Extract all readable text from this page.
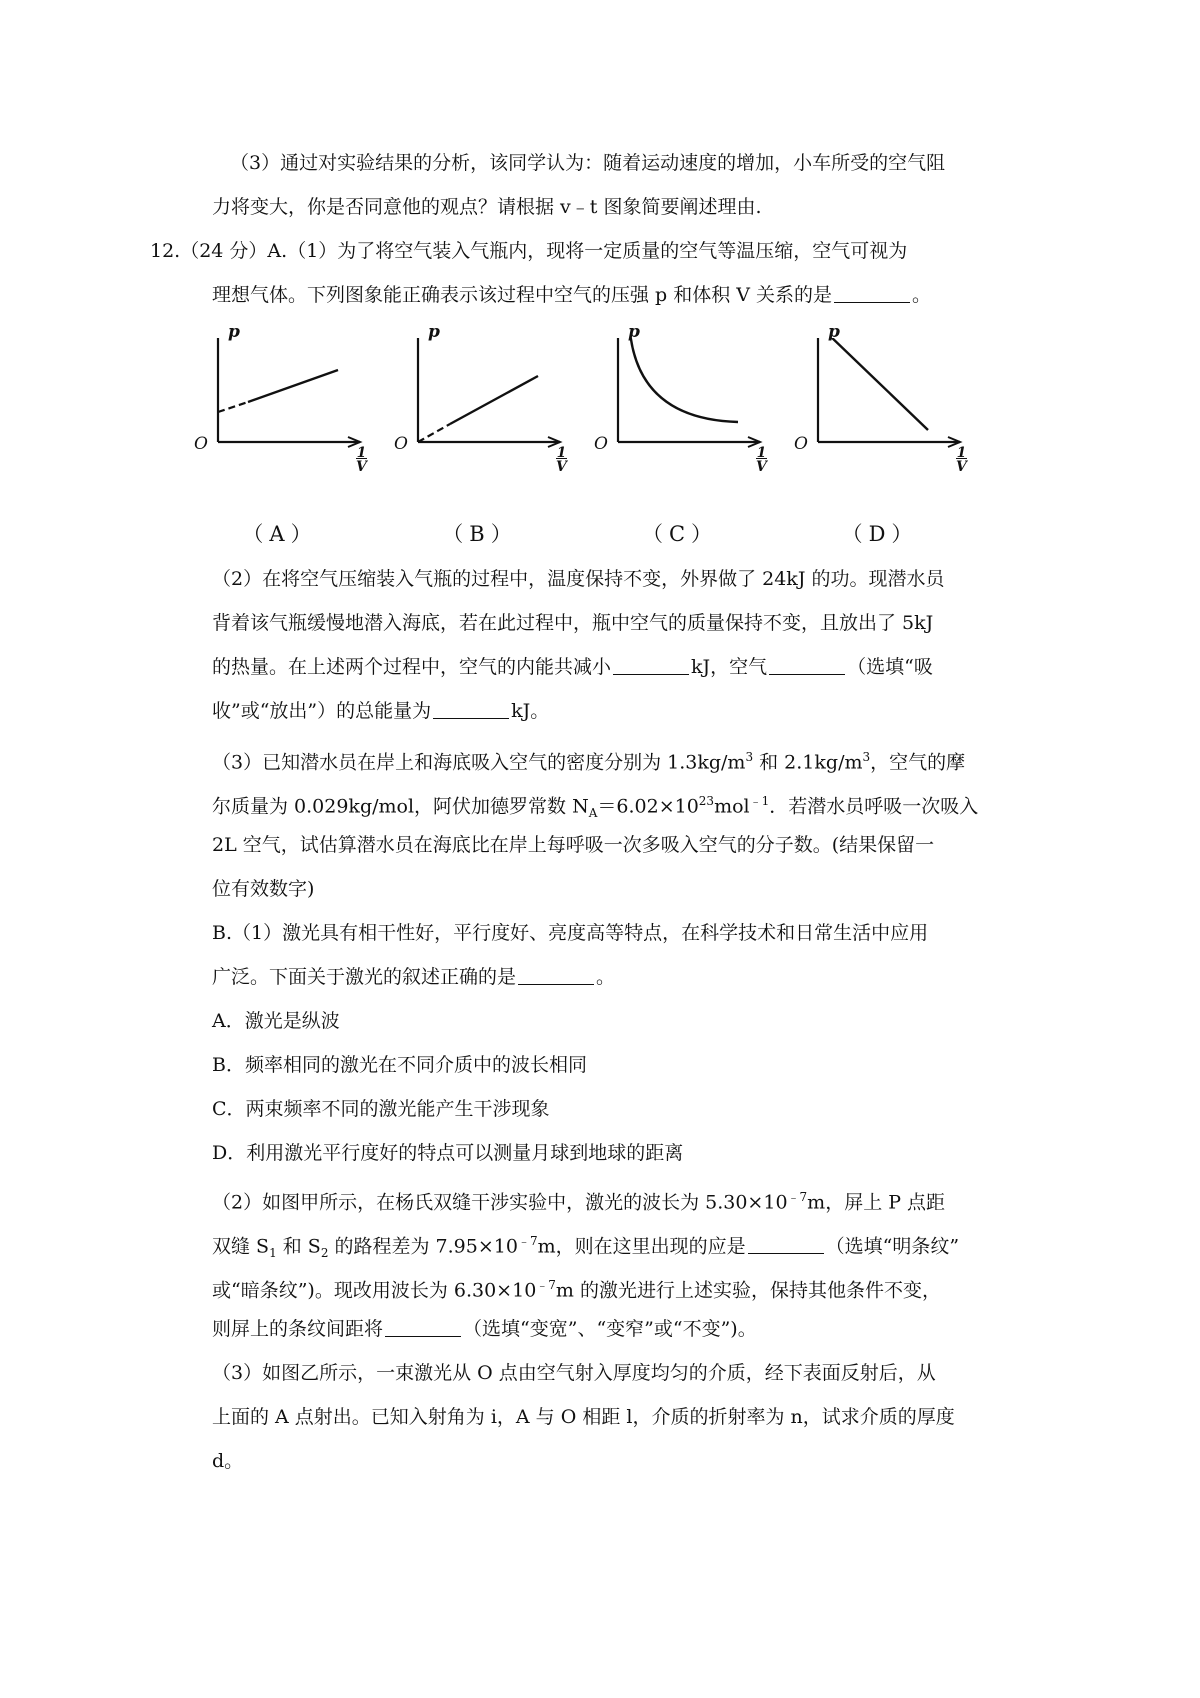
（3）通过对实验结果的分析，该同学认为：随着运动速度的增加，小车所受的空气阻
力将变大，你是否同意他的观点？请根据 v﹣t 图象简要阐述理由.
12.（24 分）A.（1）为了将空气装入气瓶内，现将一定质量的空气等温压缩，空气可视为
理想气体。下列图象能正确表示该过程中空气的压强 p 和体积 V 关系的是	。
p
O	1
V
（A）
p
O	1
V
（B）
p
O	1
V
（C）
p
O	1
V
（D）
（2）在将空气压缩装入气瓶的过程中，温度保持不变，外界做了 24kJ 的功。现潜水员
背着该气瓶缓慢地潜入海底，若在此过程中，瓶中空气的质量保持不变，且放出了 5kJ
的热量。在上述两个过程中，空气的内能共减小	kJ，空气	（选填“吸
收”或“放出”）的总能量为	kJ。
（3）已知潜水员在岸上和海底吸入空气的密度分别为 $1.3kg/m^3$ 和 $2.1kg/m^3$，空气的摩
尔质量为 0.029kg/mol，阿伏加德罗常数 $N_A=6.02\times 10^{23}mol^{﹣1}$．若潜水员呼吸一次吸入
2L 空气，试估算潜水员在海底比在岸上每呼吸一次多吸入空气的分子数。(结果保留一
位有效数字)
B.（1）激光具有相干性好，平行度好、亮度高等特点，在科学技术和日常生活中应用
广泛。下面关于激光的叙述正确的是	。
A．激光是纵波
B．频率相同的激光在不同介质中的波长相同
C．两束频率不同的激光能产生干涉现象
D．利用激光平行度好的特点可以测量月球到地球的距离
（2）如图甲所示，在杨氏双缝干涉实验中，激光的波长为 $5.30\times 10^{﹣7}m$，屏上 P 点距
双缝 $S_1$ 和 $S_2$ 的路程差为 $7.95\times 10^{﹣7}m$，则在这里出现的应是	（选填“明条纹”
或“暗条纹”)。现改用波长为 $6.30\times 10^{﹣7}m$ 的激光进行上述实验，保持其他条件不变，
则屏上的条纹间距将	（选填“变宽”、“变窄”或“不变”)。
（3）如图乙所示，一束激光从 O 点由空气射入厚度均匀的介质，经下表面反射后，从
上面的 A 点射出。已知入射角为 i，A 与 O 相距 l，介质的折射率为 n，试求介质的厚度
d。
